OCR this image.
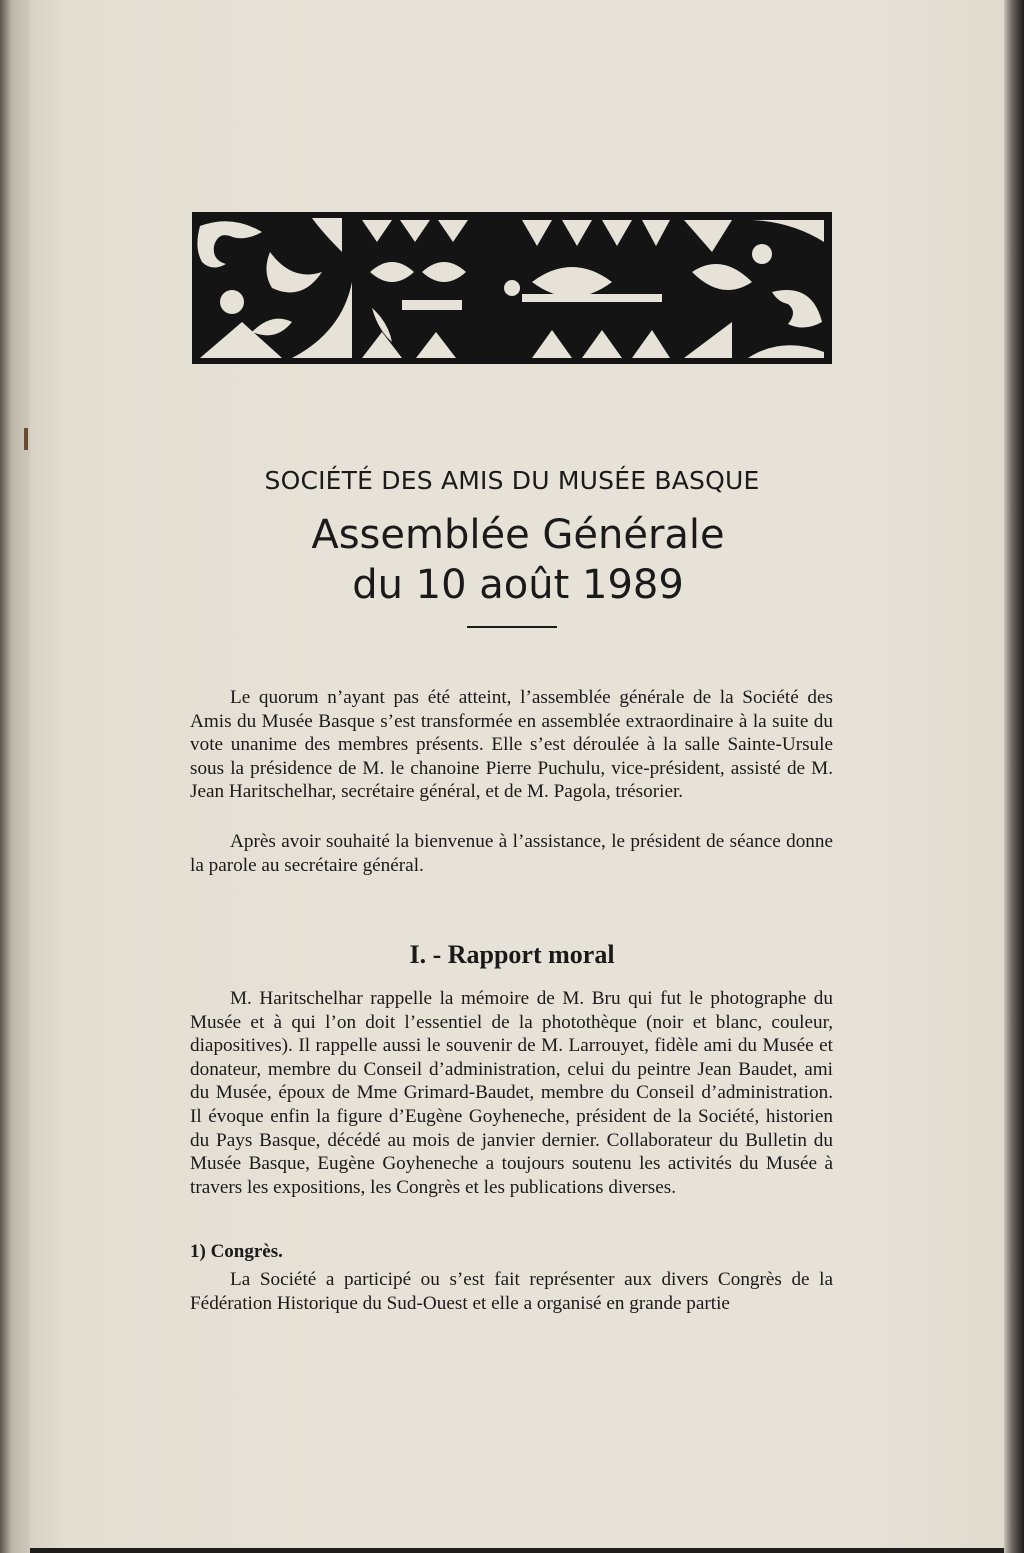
SOCIÉTÉ DES AMIS DU MUSÉE BASQUE
Assemblée Générale
du 10 août 1989

Le quorum n’ayant pas été atteint, l’assemblée générale de la Société des Amis du Musée Basque s’est transformée en assemblée extraordinaire à la suite du vote unanime des membres présents. Elle s’est déroulée à la salle Sainte-Ursule sous la présidence de M. le chanoine Pierre Puchulu, vice-président, assisté de M. Jean Haritschelhar, secrétaire général, et de M. Pagola, trésorier.

Après avoir souhaité la bienvenue à l’assistance, le président de séance donne la parole au secrétaire général.

I. - Rapport moral

M. Haritschelhar rappelle la mémoire de M. Bru qui fut le photographe du Musée et à qui l’on doit l’essentiel de la photothèque (noir et blanc, couleur, diapositives). Il rappelle aussi le souvenir de M. Larrouyet, fidèle ami du Musée et donateur, membre du Conseil d’administration, celui du peintre Jean Baudet, ami du Musée, époux de Mme Grimard-Baudet, membre du Conseil d’administration. Il évoque enfin la figure d’Eugène Goyheneche, président de la Société, historien du Pays Basque, décédé au mois de janvier dernier. Collaborateur du Bulletin du Musée Basque, Eugène Goyheneche a toujours soutenu les activités du Musée à travers les expositions, les Congrès et les publications diverses.

1) Congrès.

La Société a participé ou s’est fait représenter aux divers Congrès de la Fédération Historique du Sud-Ouest et elle a organisé en grande partie
